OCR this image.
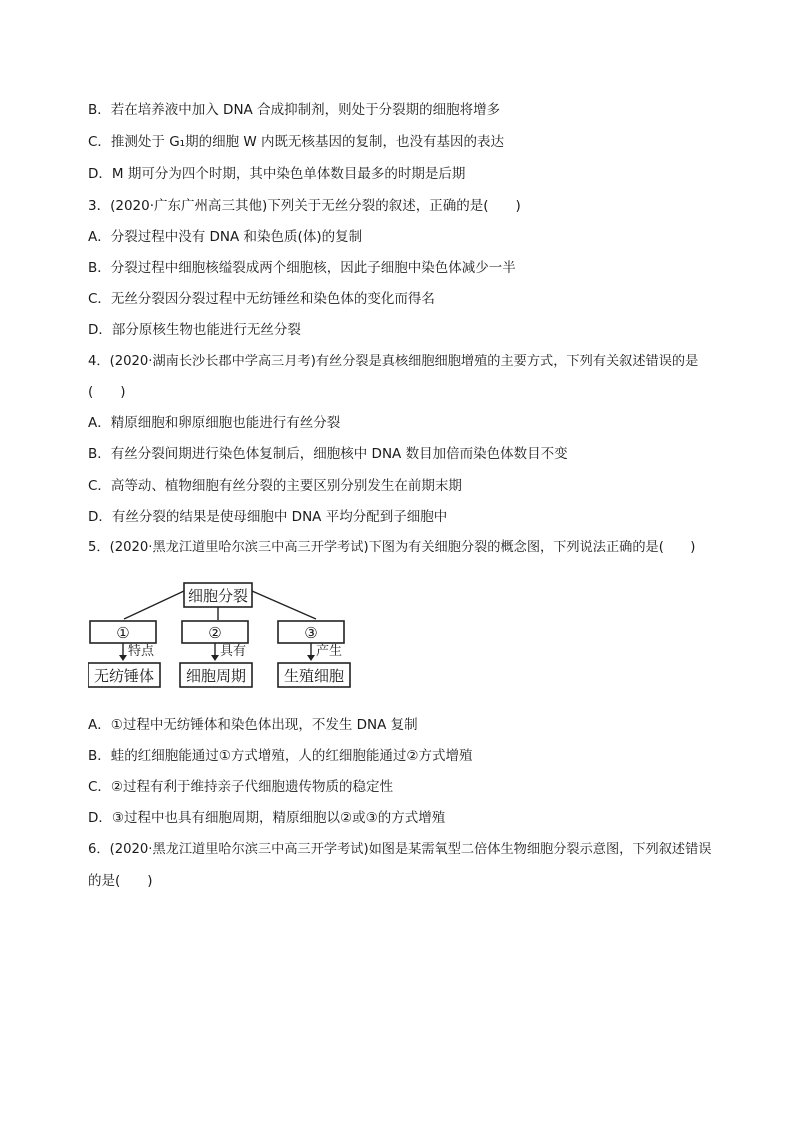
B．若在培养液中加入 DNA 合成抑制剂，则处于分裂期的细胞将增多
C．推测处于 G₁期的细胞 W 内既无核基因的复制，也没有基因的表达
D．M 期可分为四个时期，其中染色单体数目最多的时期是后期
3．(2020·广东广州高三其他)下列关于无丝分裂的叙述，正确的是(　　)
A．分裂过程中没有 DNA 和染色质(体)的复制
B．分裂过程中细胞核缢裂成两个细胞核，因此子细胞中染色体减少一半
C．无丝分裂因分裂过程中无纺锤丝和染色体的变化而得名
D．部分原核生物也能进行无丝分裂
4．(2020·湖南长沙长郡中学高三月考)有丝分裂是真核细胞细胞增殖的主要方式，下列有关叙述错误的是
(　　)
A．精原细胞和卵原细胞也能进行有丝分裂
B．有丝分裂间期进行染色体复制后，细胞核中 DNA 数目加倍而染色体数目不变
C．高等动、植物细胞有丝分裂的主要区别分别发生在前期末期
D．有丝分裂的结果是使母细胞中 DNA 平均分配到子细胞中
5．(2020·黑龙江道里哈尔滨三中高三开学考试)下图为有关细胞分裂的概念图，下列说法正确的是(　　)
细胞分裂
①	②	③
特点	具有	产生
无纺锤体 细胞周期	生殖细胞
A．①过程中无纺锤体和染色体出现，不发生 DNA 复制
B．蛙的红细胞能通过①方式增殖，人的红细胞能通过②方式增殖
C．②过程有利于维持亲子代细胞遗传物质的稳定性
D．③过程中也具有细胞周期，精原细胞以②或③的方式增殖
6．(2020·黑龙江道里哈尔滨三中高三开学考试)如图是某需氧型二倍体生物细胞分裂示意图，下列叙述错误
的是(　　)
